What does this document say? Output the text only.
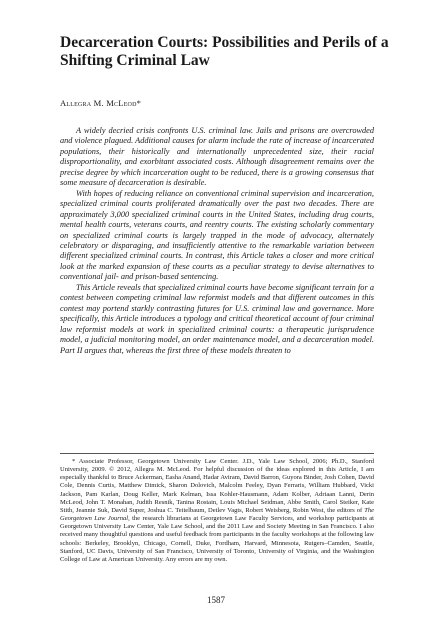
Decarceration Courts: Possibilities and Perils of a Shifting Criminal Law
Allegra M. McLeod*

A widely decried crisis confronts U.S. criminal law. Jails and prisons are overcrowded and violence plagued. Additional causes for alarm include the rate of increase of incarcerated populations, their historically and internationally unprecedented size, their racial disproportionality, and exorbitant associated costs. Although disagreement remains over the precise degree by which incarceration ought to be reduced, there is a growing consensus that some measure of decarceration is desirable.

With hopes of reducing reliance on conventional criminal supervision and incarceration, specialized criminal courts proliferated dramatically over the past two decades. There are approximately 3,000 specialized criminal courts in the United States, including drug courts, mental health courts, veterans courts, and reentry courts. The existing scholarly commentary on specialized criminal courts is largely trapped in the mode of advocacy, alternately celebratory or disparaging, and insufficiently attentive to the remarkable variation between different specialized criminal courts. In contrast, this Article takes a closer and more critical look at the marked expansion of these courts as a peculiar strategy to devise alternatives to conventional jail- and prison-based sentencing.

This Article reveals that specialized criminal courts have become significant terrain for a contest between competing criminal law reformist models and that different outcomes in this contest may portend starkly contrasting futures for U.S. criminal law and governance. More specifically, this Article introduces a typology and critical theoretical account of four criminal law reformist models at work in specialized criminal courts: a therapeutic jurisprudence model, a judicial monitoring model, an order maintenance model, and a decarceration model. Part II argues that, whereas the first three of these models threaten to

* Associate Professor, Georgetown University Law Center. J.D., Yale Law School, 2006; Ph.D., Stanford University, 2009. © 2012, Allegra M. McLeod. For helpful discussion of the ideas explored in this Article, I am especially thankful to Bruce Ackerman, Easha Anand, Hadar Aviram, David Barron, Guyora Binder, Josh Cohen, David Cole, Dennis Curtis, Matthew Dimick, Sharon Dolovich, Malcolm Feeley, Dyan Ferraris, William Hubbard, Vicki Jackson, Pam Karlan, Doug Keller, Mark Kelman, Issa Kohler-Hausmann, Adam Kolber, Adriaan Lanni, Derin McLeod, John T. Monahan, Judith Resnik, Tanina Rostain, Louis Michael Seidman, Abbe Smith, Carol Steiker, Kate Stith, Jeannie Suk, David Super, Joshua C. Teitelbaum, Detlev Vagts, Robert Weisberg, Robin West, the editors of The Georgetown Law Journal, the research librarians at Georgetown Law Faculty Services, and workshop participants at Georgetown University Law Center, Yale Law School, and the 2011 Law and Society Meeting in San Francisco. I also received many thoughtful questions and useful feedback from participants in the faculty workshops at the following law schools: Berkeley, Brooklyn, Chicago, Cornell, Duke, Fordham, Harvard, Minnesota, Rutgers–Camden, Seattle, Stanford, UC Davis, University of San Francisco, University of Toronto, University of Virginia, and the Washington College of Law at American University. Any errors are my own.

1587
